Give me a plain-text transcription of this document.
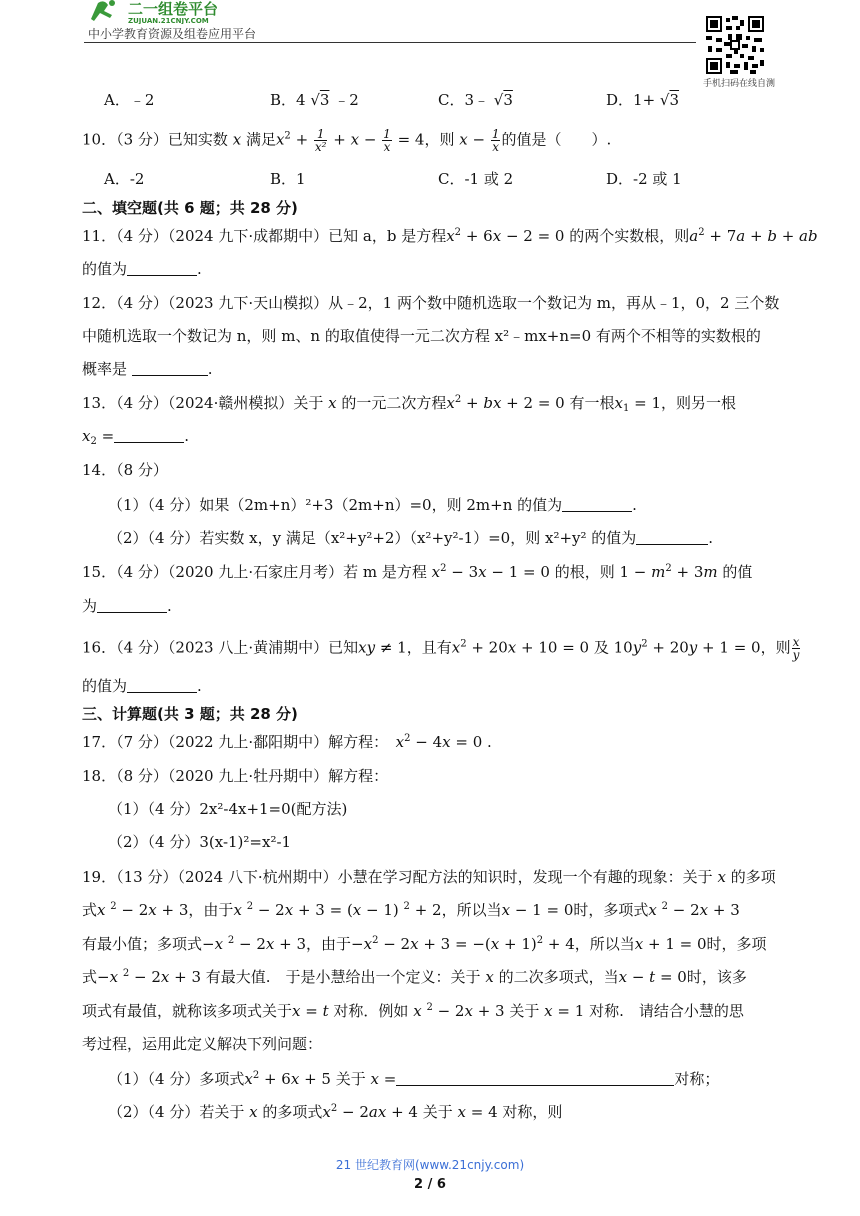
二一组卷平台
ZUJUAN.21CNJY.COM
中小学教育资源及组卷应用平台
手机扫码在线自测
A．﹣2	B．4 √3 ﹣2	C．3﹣ √3	D．1+ √3
10．（3 分）已知实数 x 满足$x^2 + \frac{1}{\text{x²}} + x - \frac{1}{x} = 4$，则 $x - \frac{1}{x}$ 的值是（　　）.
A．-2	B．1	C．-1 或 2	D．-2 或 1
二、填空题(共 6 题；共 28 分)
11．（4 分）（2024 九下·成都期中）已知 a，b 是方程$x^2 + 6x - 2 = 0$ 的两个实数根，则$a^2 + 7a + b$ + ab
的值为	.
12．（4 分）（2023 九下·天山模拟）从﹣2，1 两个数中随机选取一个数记为 m，再从﹣1，0，2 三个数
中随机选取一个数记为 n，则 m、n 的取值使得一元二次方程 x²﹣mx+n=0 有两个不相等的实数根的
概率是	.
13．（4 分）（2024·赣州模拟）关于 x 的一元二次方程$x^2$ + bx + 2 = 0 有一根$x_1 = 1$，则另一根
$x_2$ =	.
14．（8 分）
（1）（4 分）如果（2m+n）²+3（2m+n）=0，则 2m+n 的值为	.
（2）（4 分）若实数 x，y 满足（x²+y²+2）（x²+y²-1）=0，则 x²+y² 的值为	.
15．（4 分）（2020 九上·石家庄月考）若 m 是方程 $x^2 - 3x - 1 = 0$ 的根，则 $1 - m^2 + 3m$ 的值
为	.
16．（4 分）（2023 八上·黄浦期中）已知xy ≠ 1，且有$x^2 + 20x + 10 = 0$ 及 $10y^2 + 20y + 1 = 0$，则 $\frac{x}{y}$
的值为	.
三、计算题(共 3 题；共 28 分)
17．（7 分）（2022 九上·鄱阳期中）解方程：　 $x^2 - 4x = 0$ .
18．（8 分）（2020 九上·牡丹期中）解方程：
（1）（4 分）2x²-4x+1=0(配方法)
（2）（4 分）3(x-1)²=x²-1
19．（13 分）（2024 八下·杭州期中）小慧在学习配方法的知识时，发现一个有趣的现象：关于 x 的多项
式x $^2$ − 2x + 3，由于x $^2$ − 2x + 3 = (x − 1) $^2$ + 2，所以当x − 1 = 0时，多项式x $^2$ − 2x + 3
有最小值；多项式−x $^2$ − 2x + 3，由于$-x^2 - 2x + 3 = -(x + 1)^2 + 4$，所以当x + 1 = 0时，多项
式−x $^2$ − 2x + 3 有最大值.　于是小慧给出一个定义：关于 x 的二次多项式，当x − t = 0时，该多
项式有最值，就称该多项式关于x = t 对称．例如 x $^2$ − 2x + 3 关于 x = 1 对称.　请结合小慧的思
考过程，运用此定义解决下列问题：
（1）（4 分）多项式$x^2 + 6x + 5$ 关于 x =	对称；
（2）（4 分）若关于 x 的多项式$x^2 - 2ax + 4$ 关于 x = 4 对称，则
21 世纪教育网(www.21cnjy.com)
2 / 6
